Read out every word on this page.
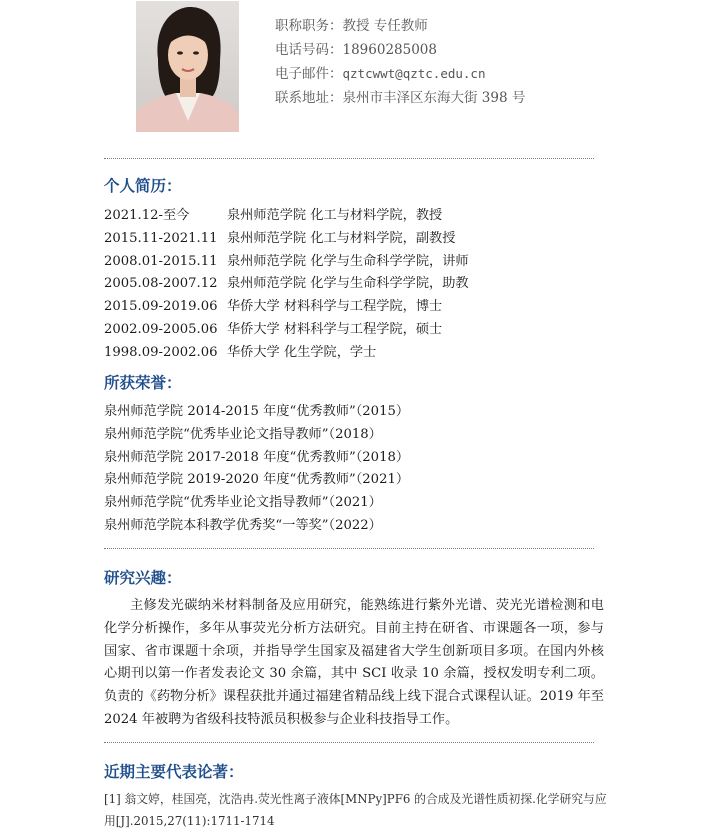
职称职务：教授 专任教师
电话号码：18960285008
电子邮件：qztcwwt@qztc.edu.cn
联系地址：泉州市丰泽区东海大街 398 号
个人简历：
2021.12-至今	泉州师范学院 化工与材料学院，教授
2015.11-2021.11 泉州师范学院 化工与材料学院，副教授
2008.01-2015.11 泉州师范学院 化学与生命科学学院，讲师
2005.08-2007.12 泉州师范学院 化学与生命科学学院，助教
2015.09-2019.06 华侨大学 材料科学与工程学院，博士
2002.09-2005.06 华侨大学 材料科学与工程学院，硕士
1998.09-2002.06 华侨大学 化生学院，学士
所获荣誉：
泉州师范学院 2014-2015 年度“优秀教师”（2015）
泉州师范学院“优秀毕业论文指导教师”（2018）
泉州师范学院 2017-2018 年度“优秀教师”（2018）
泉州师范学院 2019-2020 年度“优秀教师”（2021）
泉州师范学院“优秀毕业论文指导教师”（2021）
泉州师范学院本科教学优秀奖“一等奖”（2022）
研究兴趣：
主修发光碳纳米材料制备及应用研究，能熟练进行紫外光谱、荧光光谱检测和电化学分析操作，多年从事荧光分析方法研究。目前主持在研省、市课题各一项，参与国家、省市课题十余项，并指导学生国家及福建省大学生创新项目多项。在国内外核心期刊以第一作者发表论文 30 余篇，其中 SCI 收录 10 余篇，授权发明专利二项。负责的《药物分析》课程获批并通过福建省精品线上线下混合式课程认证。2019 年至 2024 年被聘为省级科技特派员积极参与企业科技指导工作。
近期主要代表论著：
[1] 翁文婷，桂国亮，沈浩冉.荧光性离子液体[MNPy]PF6 的合成及光谱性质初探.化学研究与应用[J].2015,27(11):1711-1714
